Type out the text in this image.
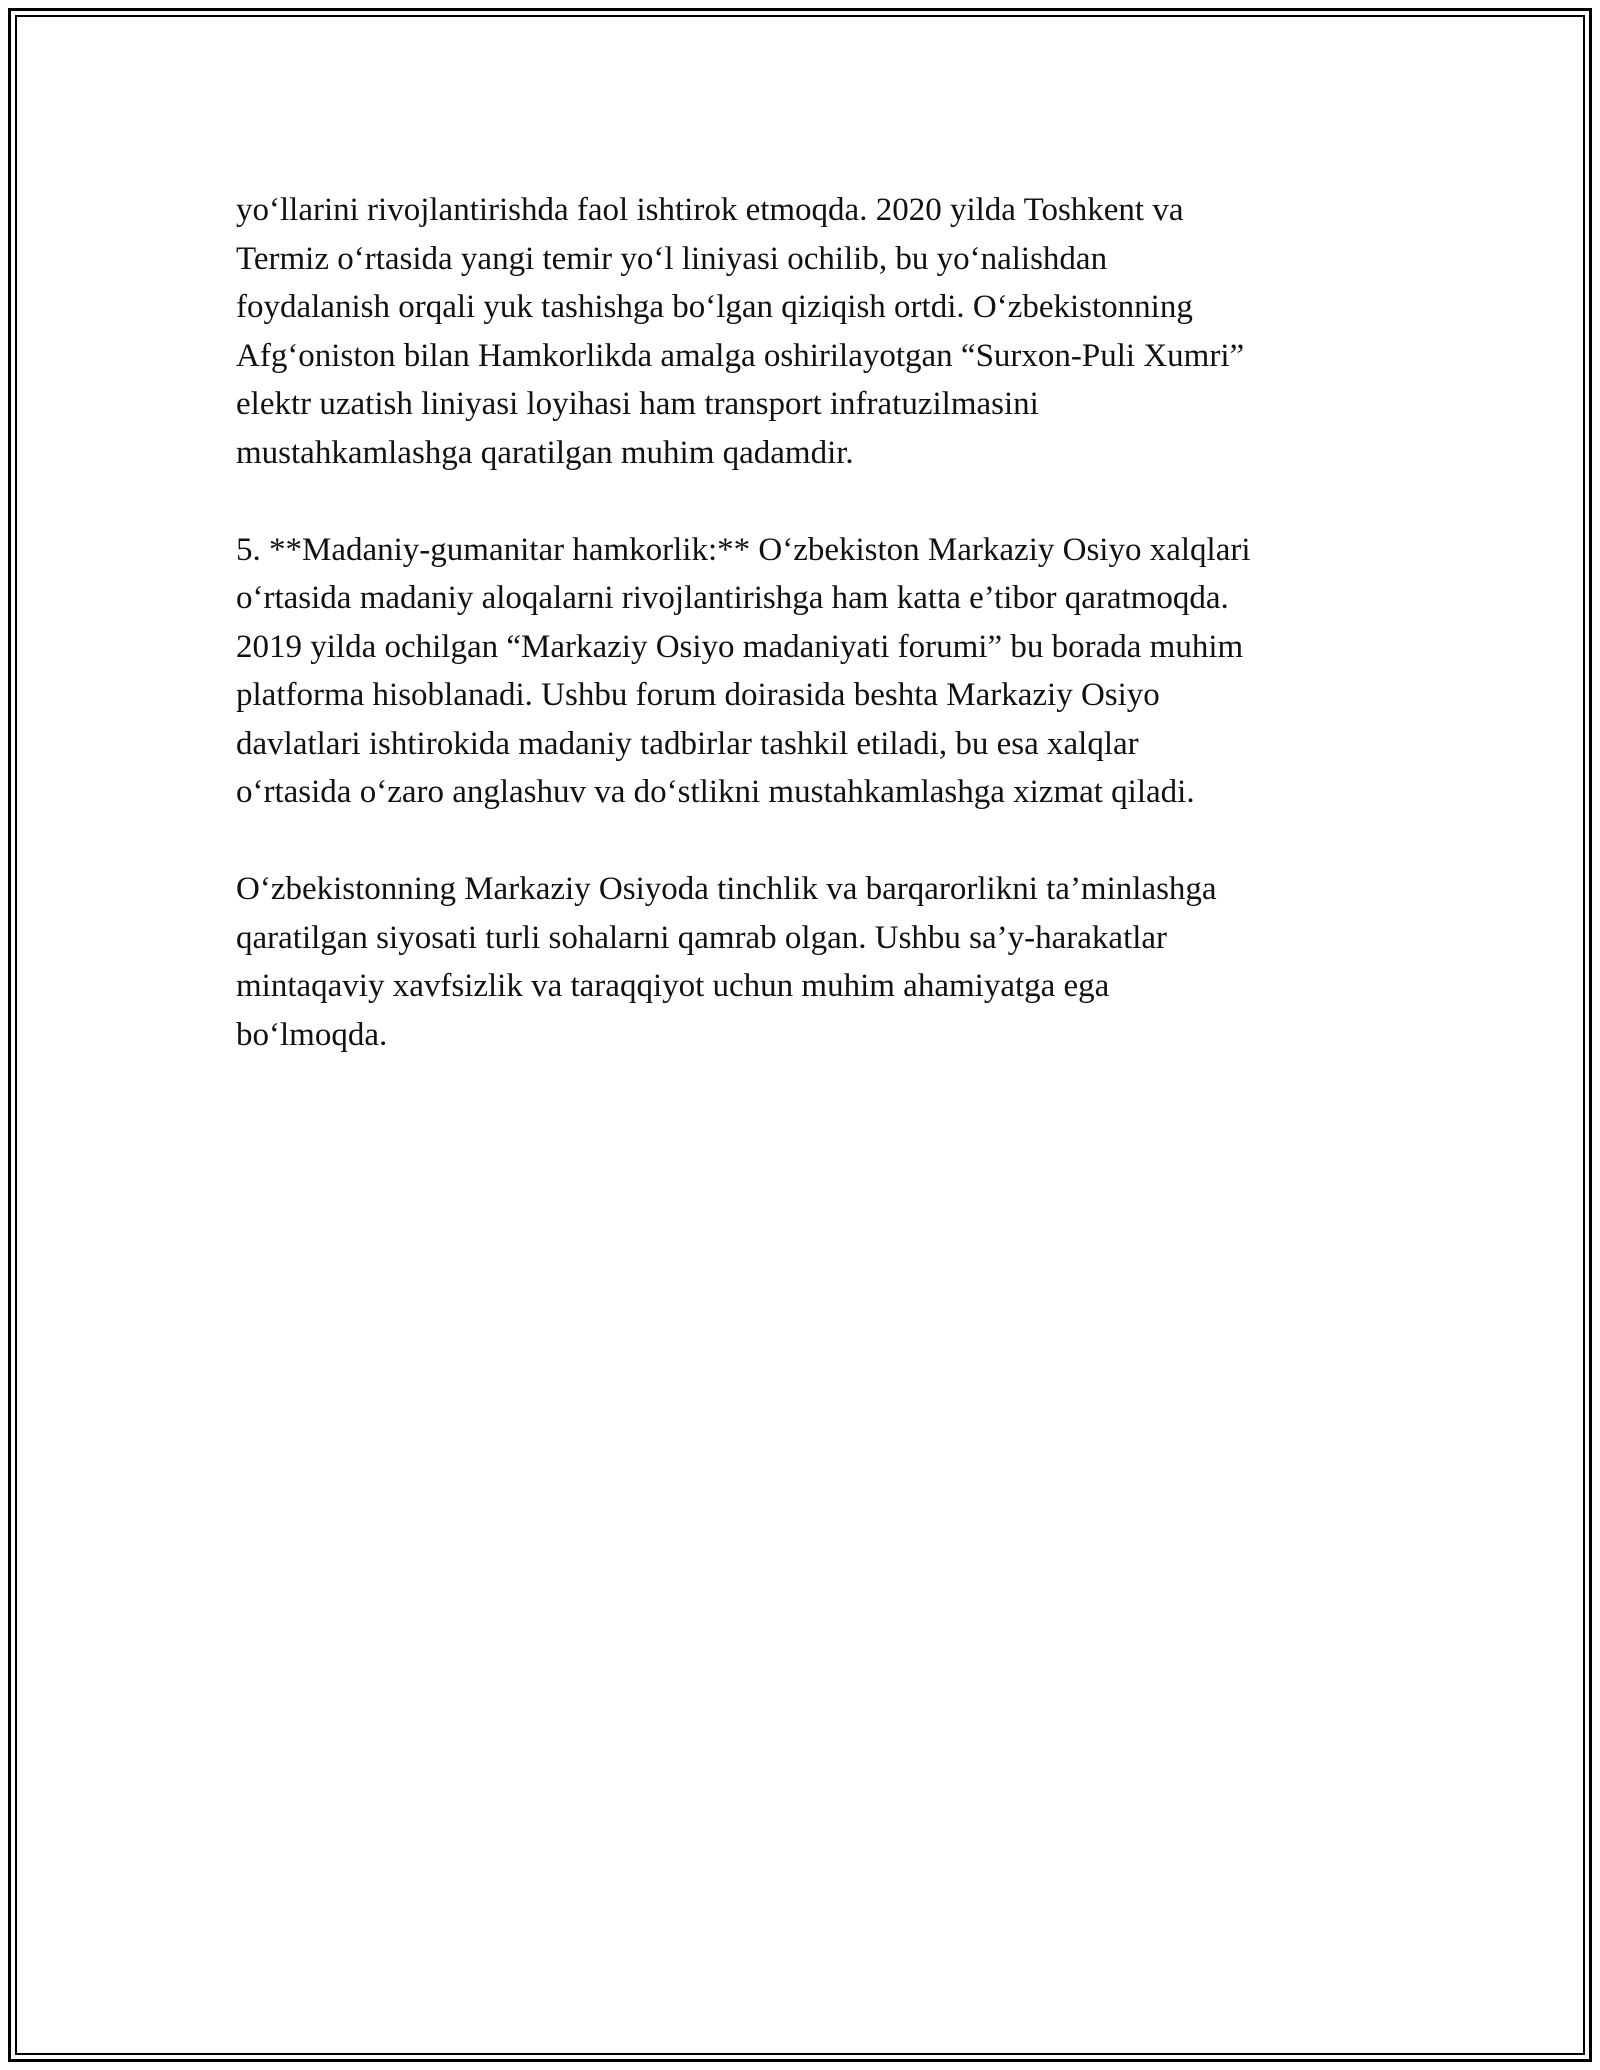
yo‘llarini rivojlantirishda faol ishtirok etmoqda. 2020 yilda Toshkent va
Termiz o‘rtasida yangi temir yo‘l liniyasi ochilib, bu yo‘nalishdan
foydalanish orqali yuk tashishga bo‘lgan qiziqish ortdi. O‘zbekistonning
Afg‘oniston bilan Hamkorlikda amalga oshirilayotgan “Surxon-Puli Xumri”
elektr uzatish liniyasi loyihasi ham transport infratuzilmasini
mustahkamlashga qaratilgan muhim qadamdir.

5. **Madaniy-gumanitar hamkorlik:** O‘zbekiston Markaziy Osiyo xalqlari
o‘rtasida madaniy aloqalarni rivojlantirishga ham katta e’tibor qaratmoqda.
2019 yilda ochilgan “Markaziy Osiyo madaniyati forumi” bu borada muhim
platforma hisoblanadi. Ushbu forum doirasida beshta Markaziy Osiyo
davlatlari ishtirokida madaniy tadbirlar tashkil etiladi, bu esa xalqlar
o‘rtasida o‘zaro anglashuv va do‘stlikni mustahkamlashga xizmat qiladi.

O‘zbekistonning Markaziy Osiyoda tinchlik va barqarorlikni ta’minlashga
qaratilgan siyosati turli sohalarni qamrab olgan. Ushbu sa’y-harakatlar
mintaqaviy xavfsizlik va taraqqiyot uchun muhim ahamiyatga ega
bo‘lmoqda.
